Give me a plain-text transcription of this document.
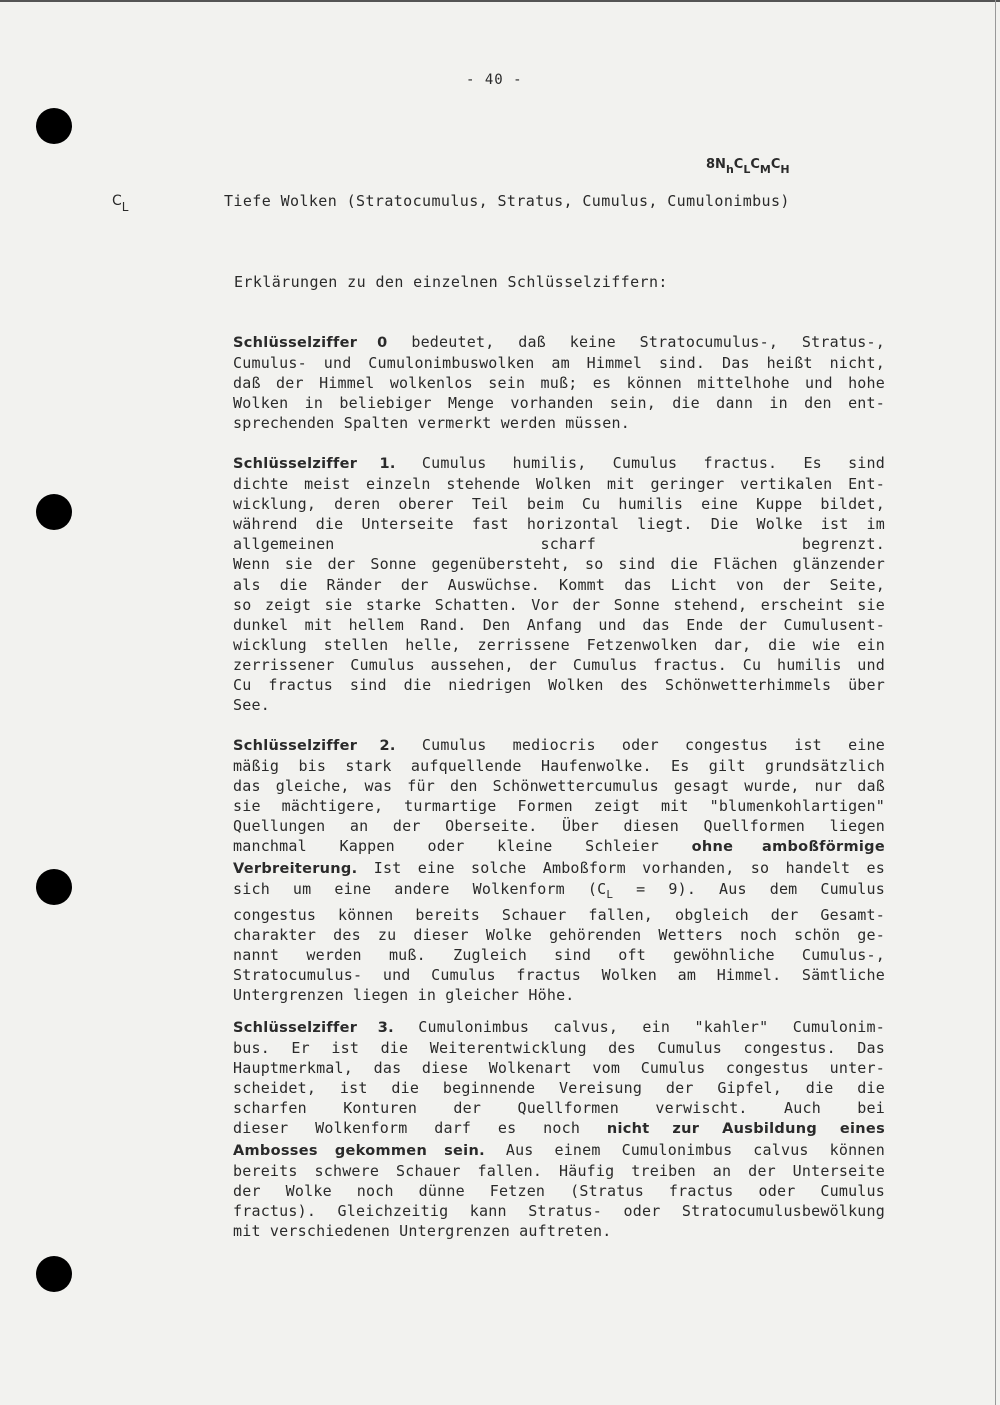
- 40 -
$8N_hC_LC_MC_H$
$C_L$	Tiefe Wolken (Stratocumulus, Stratus, Cumulus, Cumulonimbus)
Erklärungen zu den einzelnen Schlüsselziffern:
Schlüsselziffer 0 bedeutet, daß keine Stratocumulus-, Stratus-,
Cumulus- und Cumulonimbuswolken am Himmel sind. Das heißt nicht,
daß der Himmel wolkenlos sein muß; es können mittelhohe und hohe
Wolken in beliebiger Menge vorhanden sein, die dann in den ent-
sprechenden Spalten vermerkt werden müssen.
Schlüsselziffer 1. Cumulus humilis, Cumulus fractus. Es sind
dichte meist einzeln stehende Wolken mit geringer vertikalen Ent-
wicklung, deren oberer Teil beim Cu humilis eine Kuppe bildet,
während die Unterseite fast horizontal liegt. Die Wolke ist im
allgemeinen scharf begrenzt.
Wenn sie der Sonne gegenübersteht, so sind die Flächen glänzender
als die Ränder der Auswüchse. Kommt das Licht von der Seite,
so zeigt sie starke Schatten. Vor der Sonne stehend, erscheint sie
dunkel mit hellem Rand. Den Anfang und das Ende der Cumulusent-
wicklung stellen helle, zerrissene Fetzenwolken dar, die wie ein
zerrissener Cumulus aussehen, der Cumulus fractus. Cu humilis und
Cu fractus sind die niedrigen Wolken des Schönwetterhimmels über
See.
Schlüsselziffer 2. Cumulus mediocris oder congestus ist eine
mäßig bis stark aufquellende Haufenwolke. Es gilt grundsätzlich
das gleiche, was für den Schönwettercumulus gesagt wurde, nur daß
sie mächtigere, turmartige Formen zeigt mit "blumenkohlartigen"
Quellungen an der Oberseite. Über diesen Quellformen liegen
manchmal Kappen oder kleine Schleier ohne amboßförmige
Verbreiterung. Ist eine solche Amboßform vorhanden, so handelt es
sich um eine andere Wolkenform $(C_L = 9)$. Aus dem Cumulus
congestus können bereits Schauer fallen, obgleich der Gesamt-
charakter des zu dieser Wolke gehörenden Wetters noch schön ge-
nannt werden muß. Zugleich sind oft gewöhnliche Cumulus-,
Stratocumulus- und Cumulus fractus Wolken am Himmel. Sämtliche
Untergrenzen liegen in gleicher Höhe.
Schlüsselziffer 3. Cumulonimbus calvus, ein "kahler" Cumulonim-
bus. Er ist die Weiterentwicklung des Cumulus congestus. Das
Hauptmerkmal, das diese Wolkenart vom Cumulus congestus unter-
scheidet, ist die beginnende Vereisung der Gipfel, die die
scharfen Konturen der Quellformen verwischt. Auch bei
dieser Wolkenform darf es noch nicht zur Ausbildung eines
Ambosses gekommen sein. Aus einem Cumulonimbus calvus können
bereits schwere Schauer fallen. Häufig treiben an der Unterseite
der Wolke noch dünne Fetzen (Stratus fractus oder Cumulus
fractus). Gleichzeitig kann Stratus- oder Stratocumulusbewölkung
mit verschiedenen Untergrenzen auftreten.
